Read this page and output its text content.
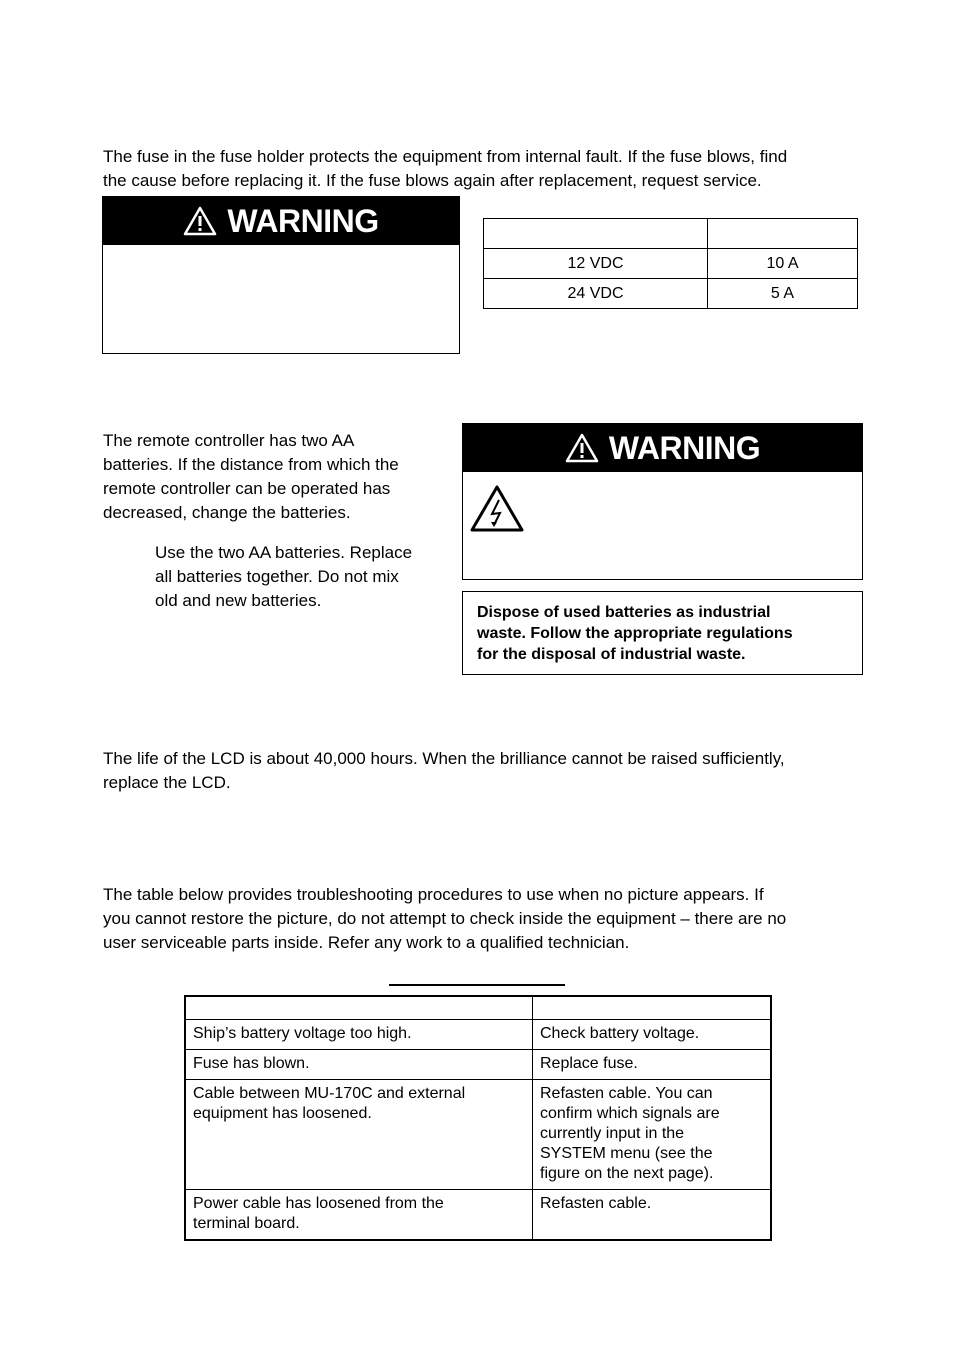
The fuse in the fuse holder protects the equipment from internal fault. If the fuse blows, find
the cause before replacing it. If the fuse blows again after replacement, request service.

WARNING

12 VDC	10 A
24 VDC	5 A

The remote controller has two AA
batteries. If the distance from which the
remote controller can be operated has
decreased, change the batteries.

Use the two AA batteries. Replace
all batteries together. Do not mix
old and new batteries.

WARNING
Dispose of used batteries as industrial
waste. Follow the appropriate regulations
for the disposal of industrial waste.

The life of the LCD is about 40,000 hours. When the brilliance cannot be raised sufficiently,
replace the LCD.

The table below provides troubleshooting procedures to use when no picture appears. If
you cannot restore the picture, do not attempt to check inside the equipment – there are no
user serviceable parts inside. Refer any work to a qualified technician.

Ship’s battery voltage too high.	Check battery voltage.
Fuse has blown.	Replace fuse.
Cable between MU-170C and external
equipment has loosened.	Refasten cable. You can
confirm which signals are
currently input in the
SYSTEM menu (see the
figure on the next page).
Power cable has loosened from the
terminal board.	Refasten cable.
